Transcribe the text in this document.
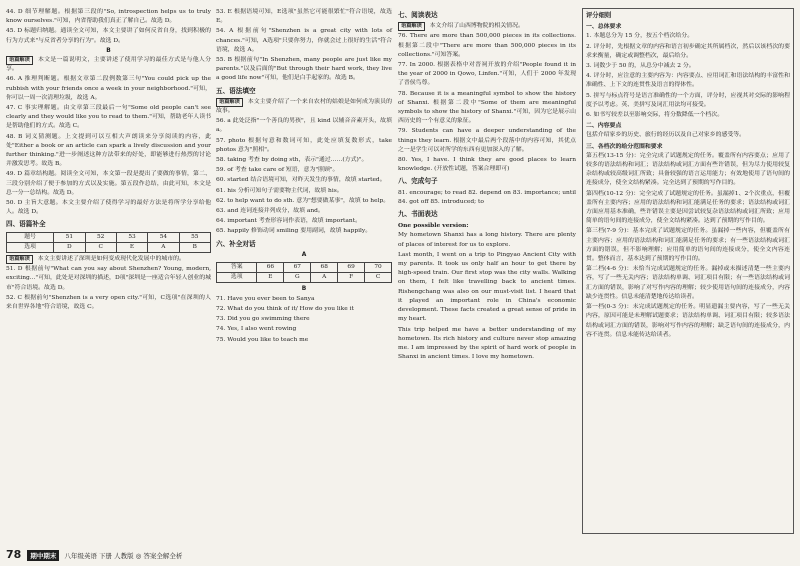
44. D 细节理解题。根据第三段的"So, introspection helps us to truly know ourselves."可知，内省帮助我们真正了解自己。故选 D。

45. D 标题归纳题。通读全文可知，本文主要讲了如何反省自身，找到积极的行为方式来"与反省者分享的行为"。故选 D。

B

语篇解读 本文是一篇说明文，主要讲述了使用学习的最佳方式是与他人分享。

46. A 推理判断题。根据文章第二段例数第三句"You could pick up the rubbish with your friends once a week in your neighborhood."可知，你可以一周一次清理垃圾，故选 A。

47. C 事实理解题。由文章第三段最后一句"Some old people can't see clearly and they would like you to read to them."可知，帮助老年人读书是帮助他们的方式。故选 C。

48. B 词义猜测题。上文提到可以互相大声朗读来分享阅读的内容，此处"Either a book or an article can spark a lively discussion and your further thinking."进一步阐述这种方法带来的好处，即能够进行热烈的讨论并激发思考。故选 B。

49. D 篇章结构题。阅读全文可知，本文第一段是提出了要做的事情，第二、三段分别介绍了便于参加的方式以及实施。第五段作总结，由此可知，本文是总一分一总结构。故选 D。

50. D 主旨大意题。本文主要介绍了使得学习的最好方法是将所学分享给他人。故选 D。

四、语篇补全
题号	51	52	53	54	55
选项	D	C	E	A	B

语篇解读 本文主要讲述了深圳是如何变成现代化发展中的城市的。

51. D 根据前句"What can you say about Shenzhen? Young, modern, exciting..."可知，此处是对深圳的描述，D项"深圳是一座适合年轻人创业的城市"符合语境。故选 D。

52. C 根据前句"Shenzhen is a very open city."可知，C选项"在深圳的人来自世界各地"符合语境，故选 C。

53. E 根据语境可知，E选项"虽然它可能很繁忙"符合语境，故选 E。

54. A 根据前句"Shenzhen is a great city with lots of chances."可知，A选项"只要你努力，你就会过上很好的生活"符合语境，故选 A。

55. B 根据前句"In Shenzhen, many people are just like my parents."以及后面的"But through their hard work, they live a good life now"可知，他们是白手起家的。故选 B。

五、语法填空

语篇解读 本文主要介绍了一个来自农村的姑娘是如何成为演员的故事。

56. a 此处泛指"一个善良的男孩"，且 kind 以辅音音素开头，故填 a。

57. photo 根据句意和数词可知，此处应填复数形式，take photos 意为"照相"。

58. taking 考查 by doing sth，表示"通过……(方式)"。

59. of 考查 take care of 短语，意为"照顾"。

60. started 结合语境可知，对昨天发生的事情，故填 started。

61. his 分析可知句子需要物主代词，故填 his。

62. to help want to do sth. 意为"想要做某事"，故填 to help。

63. and 连词连接并列成分，故填 and。

64. important 考查形容词作表语，故填 important。

65. happily 修饰动词 smiling 要用副词，故填 happily。

六、补全对话
A
答案	66	67	68	69	70
选项	E	G	A	F	C
B

71. Have you ever been to Sanya

72. What do you think of it/ How do you like it

73. Did you go swimming there

74. Yes, I also went rowing

75. Would you like to teach me

七、阅读表达

语篇解读 本文介绍了山西博物院的相关情况。

76. There are more than 500,000 pieces in its collections. 根据第二段中"There are more than 500,000 pieces in its collections."可知答案。

77. In 2000. 根据表格中对晋祠开放的介绍"People found it in the year of 2000 in Qowo, Linfen."可知，人们于 2000 年发现了晋侯鸟尊。

78. Because it is a meaningful symbol to show the history of Shanxi. 根据第二段中"Some of them are meaningful symbols to show the history of Shanxi."可知，因为它是展示山西历史的一个有意义的象征。

79. Students can have a deeper understanding of the things they learn. 根据文中最后两个段落中的内容可知，其优点之一是学生可以对所学的东西有更加深入的了解。

80. Yes, I have. I think they are good places to learn knowledge. (开放性试题，答案合理即可)

八、完成句子

81. encourage; to read 82. depend on 83. importance; until 84. got off 85. introduced; to

九、书面表达

One possible version:

My hometown Shanxi has a long history. There are plenty of places of interest for us to explore.

Last month, I went on a trip to Pingyao Ancient City with my parents. It took us only half an hour to get there by high-speed train. Our first stop was the city walls. Walking on them, I felt like travelling back to ancient times. Rishengchang was also on our must-visit list. I heard that it played an important role in China's economic development. These facts created a great sense of pride in my heart.

This trip helped me have a better understanding of my hometown. Its rich history and culture never stop amazing me. I am impressed by the spirit of hard work of people in Shanxi in ancient times. I love my hometown.

评分细则
一、总体要求

1. 本题总分为 15 分，按五个档次给分。

2. 评分时，先根据文章的内容和语言初步确定其所属档次，然后以该档次的要求来衡量，确定或调整档次，最后给分。

3. 词数少于 50 的，从总分中减去 2 分。

4. 评分时，应注意的主要内容为：内容要点、应用词汇和语法结构的丰富性和准确性、上下文的连贯性及语言的得体性。

5. 拼写与标点符号是语言准确性的一个方面，评分时，应视其对交际的影响程度予以考虑。英、美拼写及词汇用法均可接受。

6. 如书写较差以至影响交际，将分数降低一个档次。

二、内容要点

包括介绍家乡的历史、旅行的经历以及自己对家乡的感受等。

三、各档次的给分范围和要求

第五档(13-15 分)：完全完成了试题规定的任务。覆盖所有内容要点；应用了较多的语法结构和词汇；语法结构或词汇方面有些许错误，但为尽力使用较复杂结构或较高级词汇所致；具备较强的语言运用能力；有效地使用了语句间的连接成分，使全文结构紧凑。完全达到了预期的写作目的。

第四档(10-12 分)：完全完成了试题规定的任务。虽漏掉1、2个次重点，但覆盖所有主要内容；应用的语法结构和词汇能满足任务的要求；语法结构或词汇方面应用基本准确，些许错误主要是因尝试较复杂语法结构或词汇所致；应用简单的语句间的连接成分，使全文结构紧凑。达到了预期的写作目的。

第三档(7-9 分)：基本完成了试题规定的任务。虽漏掉一些内容，但覆盖所有主要内容；应用的语法结构和词汇能满足任务的要求；有一些语法结构或词汇方面的错误，但不影响理解；应用简单的语句间的连接成分，使全文内容连贯。整体而言，基本达到了预期的写作目的。

第二档(4-6 分)：未恰当完成试题规定的任务。漏掉或未描述清楚一些主要内容，写了一些无关内容；语法结构单调、词汇项目有限；有一些语法结构或词汇方面的错误，影响了对写作内容的理解；较少使用语句间的连接成分，内容缺少连贯性。信息未能清楚地传达给读者。

第一档(0-3 分)：未完成试题规定的任务。明显遗漏主要内容，写了一些无关内容，原因可能是未理解试题要求；语法结构单调、词汇项目有限；较多语法结构或词汇方面的错误，影响对写作内容的理解；缺乏语句间的连接成分，内容不连贯。信息未能传达给读者。

78 期中期末 八年级英语 下册 人教版 ◎ 答案全解全析
